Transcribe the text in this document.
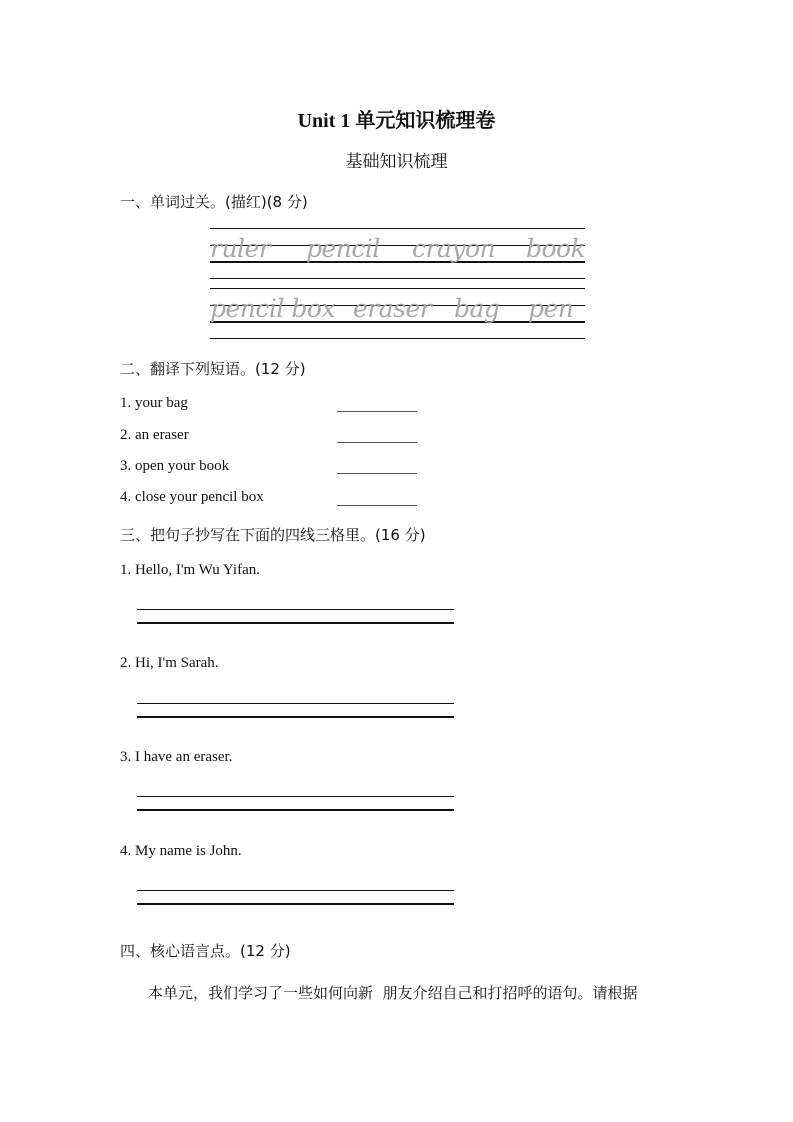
Unit 1 单元知识梳理卷
基础知识梳理
一、单词过关。(描红)(8 分)
ruler pencil crayon book
pencil box eraser bag pen
二、翻译下列短语。(12 分)
1. your bag
2. an eraser
3. open your book
4. close your pencil box
三、把句子抄写在下面的四线三格里。(16 分)
1. Hello, I'm Wu Yifan.
2. Hi, I'm Sarah.
3. I have an eraser.
4. My name is John.
四、核心语言点。(12 分)
本单元，我们学习了一些如何向新  朋友介绍自己和打招呼的语句。请根据
